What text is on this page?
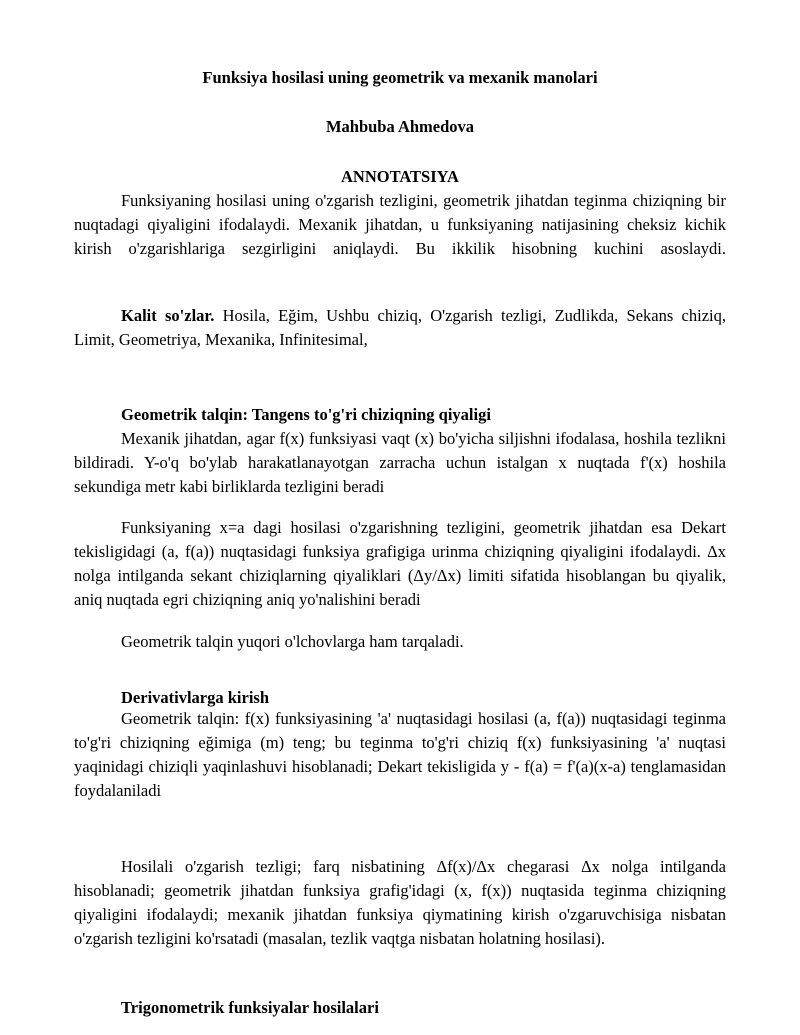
Funksiya hosilasi uning geometrik va mexanik manolari

Mahbuba Ahmedova

ANNOTATSIYA

Funksiyaning hosilasi uning o'zgarish tezligini, geometrik jihatdan teginma chiziqning bir nuqtadagi qiyaligini ifodalaydi. Mexanik jihatdan, u funksiyaning natijasining cheksiz kichik kirish o'zgarishlariga sezgirligini aniqlaydi. Bu ikkilik hisobning kuchini asoslaydi.

Kalit so'zlar. Hosila, Eğim, Ushbu chiziq, O'zgarish tezligi, Zudlikda, Sekans chiziq, Limit, Geometriya, Mexanika, Infinitesimal,

Geometrik talqin: Tangens to'g'ri chiziqning qiyaligi

Mexanik jihatdan, agar f(x) funksiyasi vaqt (x) bo'yicha siljishni ifodalasa, hoshila tezlikni bildiradi. Y-o'q bo'ylab harakatlanayotgan zarracha uchun istalgan x nuqtada f'(x) hoshila sekundiga metr kabi birliklarda tezligini beradi

Funksiyaning x=a dagi hosilasi o'zgarishning tezligini, geometrik jihatdan esa Dekart tekisligidagi (a, f(a)) nuqtasidagi funksiya grafigiga urinma chiziqning qiyaligini ifodalaydi. Δx nolga intilganda sekant chiziqlarning qiyaliklari (Δy/Δx) limiti sifatida hisoblangan bu qiyalik, aniq nuqtada egri chiziqning aniq yo'nalishini beradi

Geometrik talqin yuqori o'lchovlarga ham tarqaladi.

Derivativlarga kirish

Geometrik talqin: f(x) funksiyasining 'a' nuqtasidagi hosilasi (a, f(a)) nuqtasidagi teginma to'g'ri chiziqning eğimiga (m) teng; bu teginma to'g'ri chiziq f(x) funksiyasining 'a' nuqtasi yaqinidagi chiziqli yaqinlashuvi hisoblanadi; Dekart tekisligida y - f(a) = f'(a)(x-a) tenglamasidan foydalaniladi

Hosilali o'zgarish tezligi; farq nisbatining Δf(x)/Δx chegarasi Δx nolga intilganda hisoblanadi; geometrik jihatdan funksiya grafig'idagi (x, f(x)) nuqtasida teginma chiziqning qiyaligini ifodalaydi; mexanik jihatdan funksiya qiymatining kirish o'zgaruvchisiga nisbatan o'zgarish tezligini ko'rsatadi (masalan, tezlik vaqtga nisbatan holatning hosilasi).

Trigonometrik funksiyalar hosilalari
